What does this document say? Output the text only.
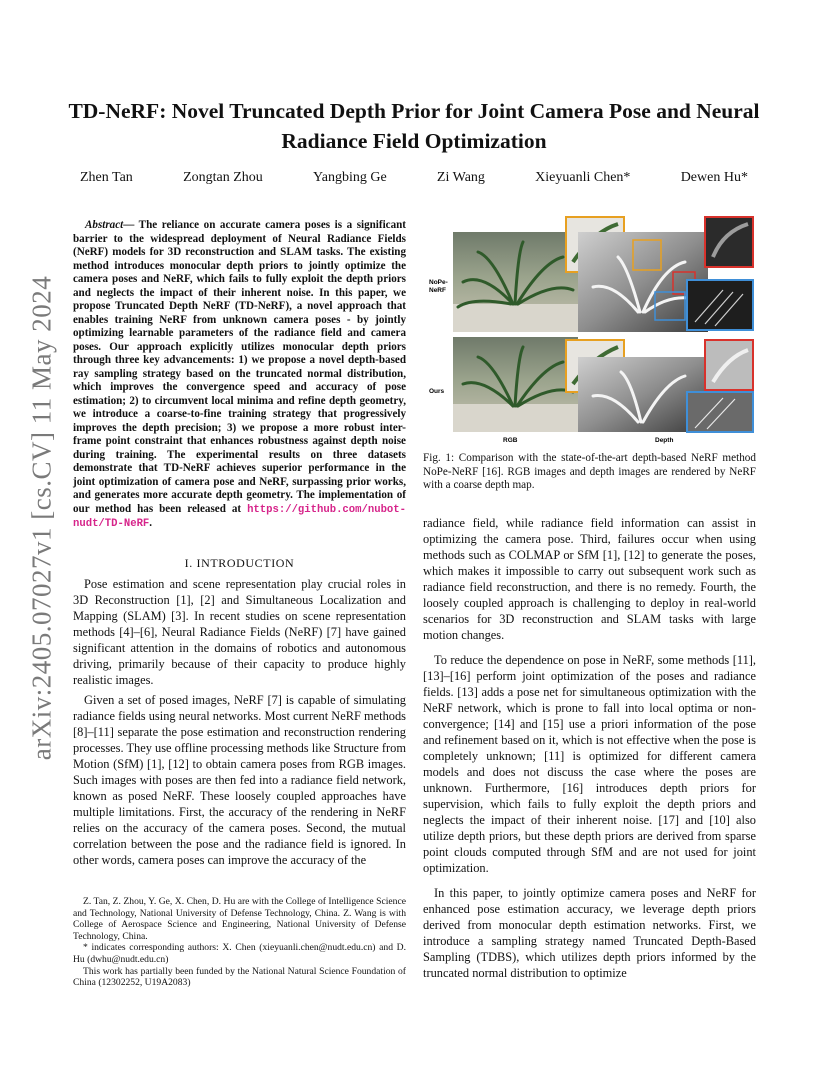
arXiv:2405.07027v1 [cs.CV] 11 May 2024
TD-NeRF: Novel Truncated Depth Prior for Joint Camera Pose and Neural Radiance Field Optimization
Zhen Tan	Zongtan Zhou	Yangbing Ge	Zi Wang	Xieyuanli Chen*	Dewen Hu*

Abstract— The reliance on accurate camera poses is a significant barrier to the widespread deployment of Neural Radiance Fields (NeRF) models for 3D reconstruction and SLAM tasks. The existing method introduces monocular depth priors to jointly optimize the camera poses and NeRF, which fails to fully exploit the depth priors and neglects the impact of their inherent noise. In this paper, we propose Truncated Depth NeRF (TD-NeRF), a novel approach that enables training NeRF from unknown camera poses - by jointly optimizing learnable parameters of the radiance field and camera poses. Our approach explicitly utilizes monocular depth priors through three key advancements: 1) we propose a novel depth-based ray sampling strategy based on the truncated normal distribution, which improves the convergence speed and accuracy of pose estimation; 2) to circumvent local minima and refine depth geometry, we introduce a coarse-to-fine training strategy that progressively improves the depth precision; 3) we propose a more robust inter-frame point constraint that enhances robustness against depth noise during training. The experimental results on three datasets demonstrate that TD-NeRF achieves superior performance in the joint optimization of camera pose and NeRF, surpassing prior works, and generates more accurate depth geometry. The implementation of our method has been released at https://github.com/nubot-nudt/TD-NeRF.

I. INTRODUCTION

Pose estimation and scene representation play crucial roles in 3D Reconstruction [1], [2] and Simultaneous Localization and Mapping (SLAM) [3]. In recent studies on scene representation methods [4]–[6], Neural Radiance Fields (NeRF) [7] have gained significant attention in the domains of robotics and autonomous driving, primarily because of their capacity to produce highly realistic images.

Given a set of posed images, NeRF [7] is capable of simulating radiance fields using neural networks. Most current NeRF methods [8]–[11] separate the pose estimation and reconstruction rendering processes. They use offline processing methods like Structure from Motion (SfM) [1], [12] to obtain camera poses from RGB images. Such images with poses are then fed into a radiance field network, known as posed NeRF. These loosely coupled approaches have multiple limitations. First, the accuracy of the rendering in NeRF relies on the accuracy of the camera poses. Second, the mutual correlation between the pose and the radiance field is ignored. In other words, camera poses can improve the accuracy of the

Z. Tan, Z. Zhou, Y. Ge, X. Chen, D. Hu are with the College of Intelligence Science and Technology, National University of Defense Technology, China. Z. Wang is with College of Aerospace Science and Engineering, National University of Defense Technology, China.

* indicates corresponding authors: X. Chen (xieyuanli.chen@nudt.edu.cn) and D. Hu (dwhu@nudt.edu.cn)

This work has partially been funded by the National Natural Science Foundation of China (12302252, U19A2083)

NoPe-NeRF
Ours
RGB	Depth
Fig. 1: Comparison with the state-of-the-art depth-based NeRF method NoPe-NeRF [16]. RGB images and depth images are rendered by NeRF with a coarse depth map.

radiance field, while radiance field information can assist in optimizing the camera pose. Third, failures occur when using methods such as COLMAP or SfM [1], [12] to generate the poses, which makes it impossible to carry out subsequent work such as radiance field reconstruction, and there is no remedy. Fourth, the loosely coupled approach is challenging to deploy in real-world scenarios for 3D reconstruction and SLAM tasks with large motion changes.

To reduce the dependence on pose in NeRF, some methods [11], [13]–[16] perform joint optimization of the poses and radiance fields. [13] adds a pose net for simultaneous optimization with the NeRF network, which is prone to fall into local optima or non-convergence; [14] and [15] use a priori information of the pose and refinement based on it, which is not effective when the pose is completely unknown; [11] is optimized for different camera models and does not discuss the case where the poses are unknown. Furthermore, [16] introduces depth priors for supervision, which fails to fully exploit the depth priors and neglects the impact of their inherent noise. [17] and [10] also utilize depth priors, but these depth priors are derived from sparse point clouds computed through SfM and are not used for joint optimization.

In this paper, to jointly optimize camera poses and NeRF for enhanced pose estimation accuracy, we leverage depth priors derived from monocular depth estimation networks. First, we introduce a sampling strategy named Truncated Depth-Based Sampling (TDBS), which utilizes depth priors informed by the truncated normal distribution to optimize
